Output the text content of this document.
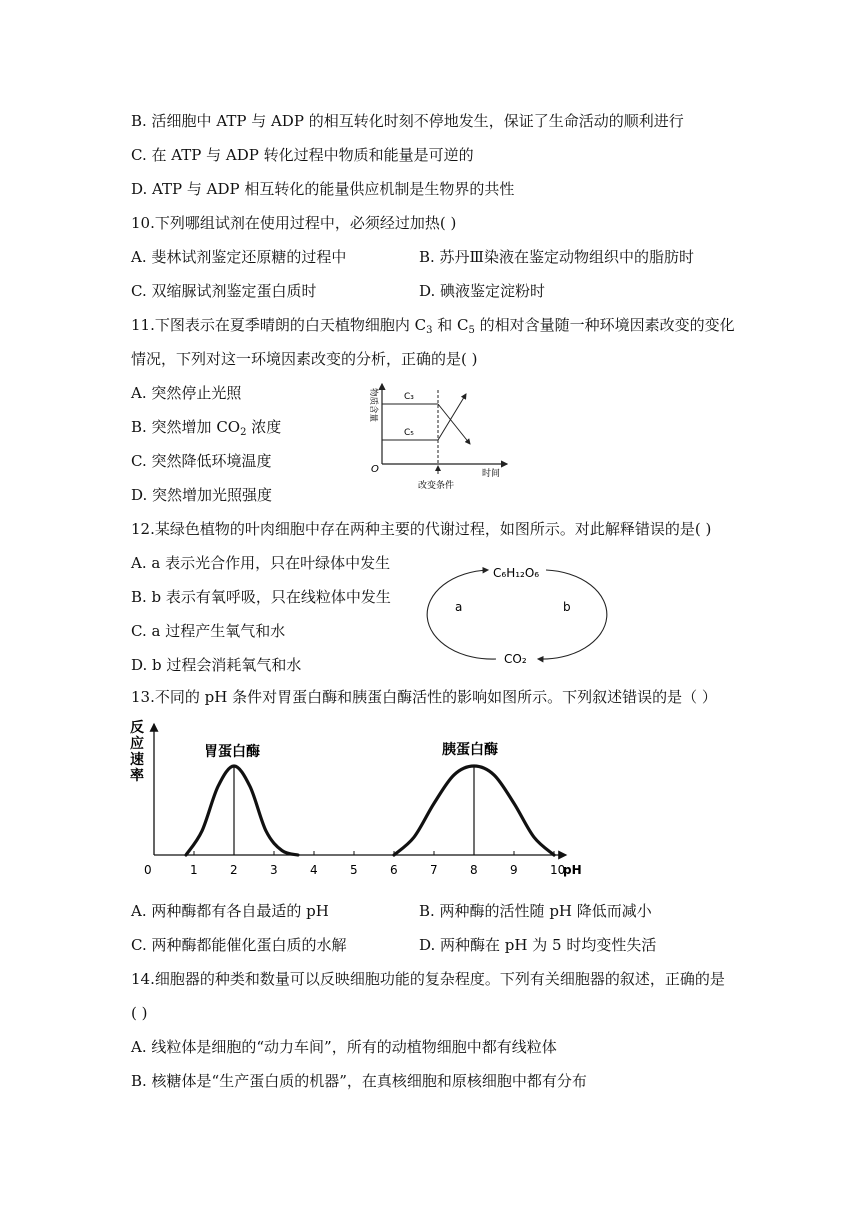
B. 活细胞中 ATP 与 ADP 的相互转化时刻不停地发生，保证了生命活动的顺利进行
C. 在 ATP 与 ADP 转化过程中物质和能量是可逆的
D. ATP 与 ADP 相互转化的能量供应机制是生物界的共性
10.下列哪组试剂在使用过程中，必须经过加热( )
A. 斐林试剂鉴定还原糖的过程中	B. 苏丹Ⅲ染液在鉴定动物组织中的脂肪时
C. 双缩脲试剂鉴定蛋白质时	D. 碘液鉴定淀粉时
11.下图表示在夏季晴朗的白天植物细胞内 $C_3$ 和 $C_5$ 的相对含量随一种环境因素改变的变化
情况，下列对这一环境因素改变的分析，正确的是( )
A. 突然停止光照
B. 突然增加 $CO_2$ 浓度
C. 突然降低环境温度
D. 突然增加光照强度
物质含量	C₃
C₅
O	时间
改变条件
12.某绿色植物的叶肉细胞中存在两种主要的代谢过程，如图所示。对此解释错误的是( )
A. a 表示光合作用，只在叶绿体中发生
B. b 表示有氧呼吸，只在线粒体中发生
C. a 过程产生氧气和水
D. b 过程会消耗氧气和水
C₆H₁₂O₆
CO₂
a	b
13.不同的 pH 条件对胃蛋白酶和胰蛋白酶活性的影响如图所示。下列叙述错误的是（ ）
反应速率
0	1	2	3	4	5	6	7	8	9	10
pH
胃蛋白酶	胰蛋白酶
A. 两种酶都有各自最适的 pH	B. 两种酶的活性随 pH 降低而减小
C. 两种酶都能催化蛋白质的水解	D. 两种酶在 pH 为 5 时均变性失活
14.细胞器的种类和数量可以反映细胞功能的复杂程度。下列有关细胞器的叙述，正确的是
( )
A. 线粒体是细胞的“动力车间”，所有的动植物细胞中都有线粒体
B. 核糖体是“生产蛋白质的机器”，在真核细胞和原核细胞中都有分布
